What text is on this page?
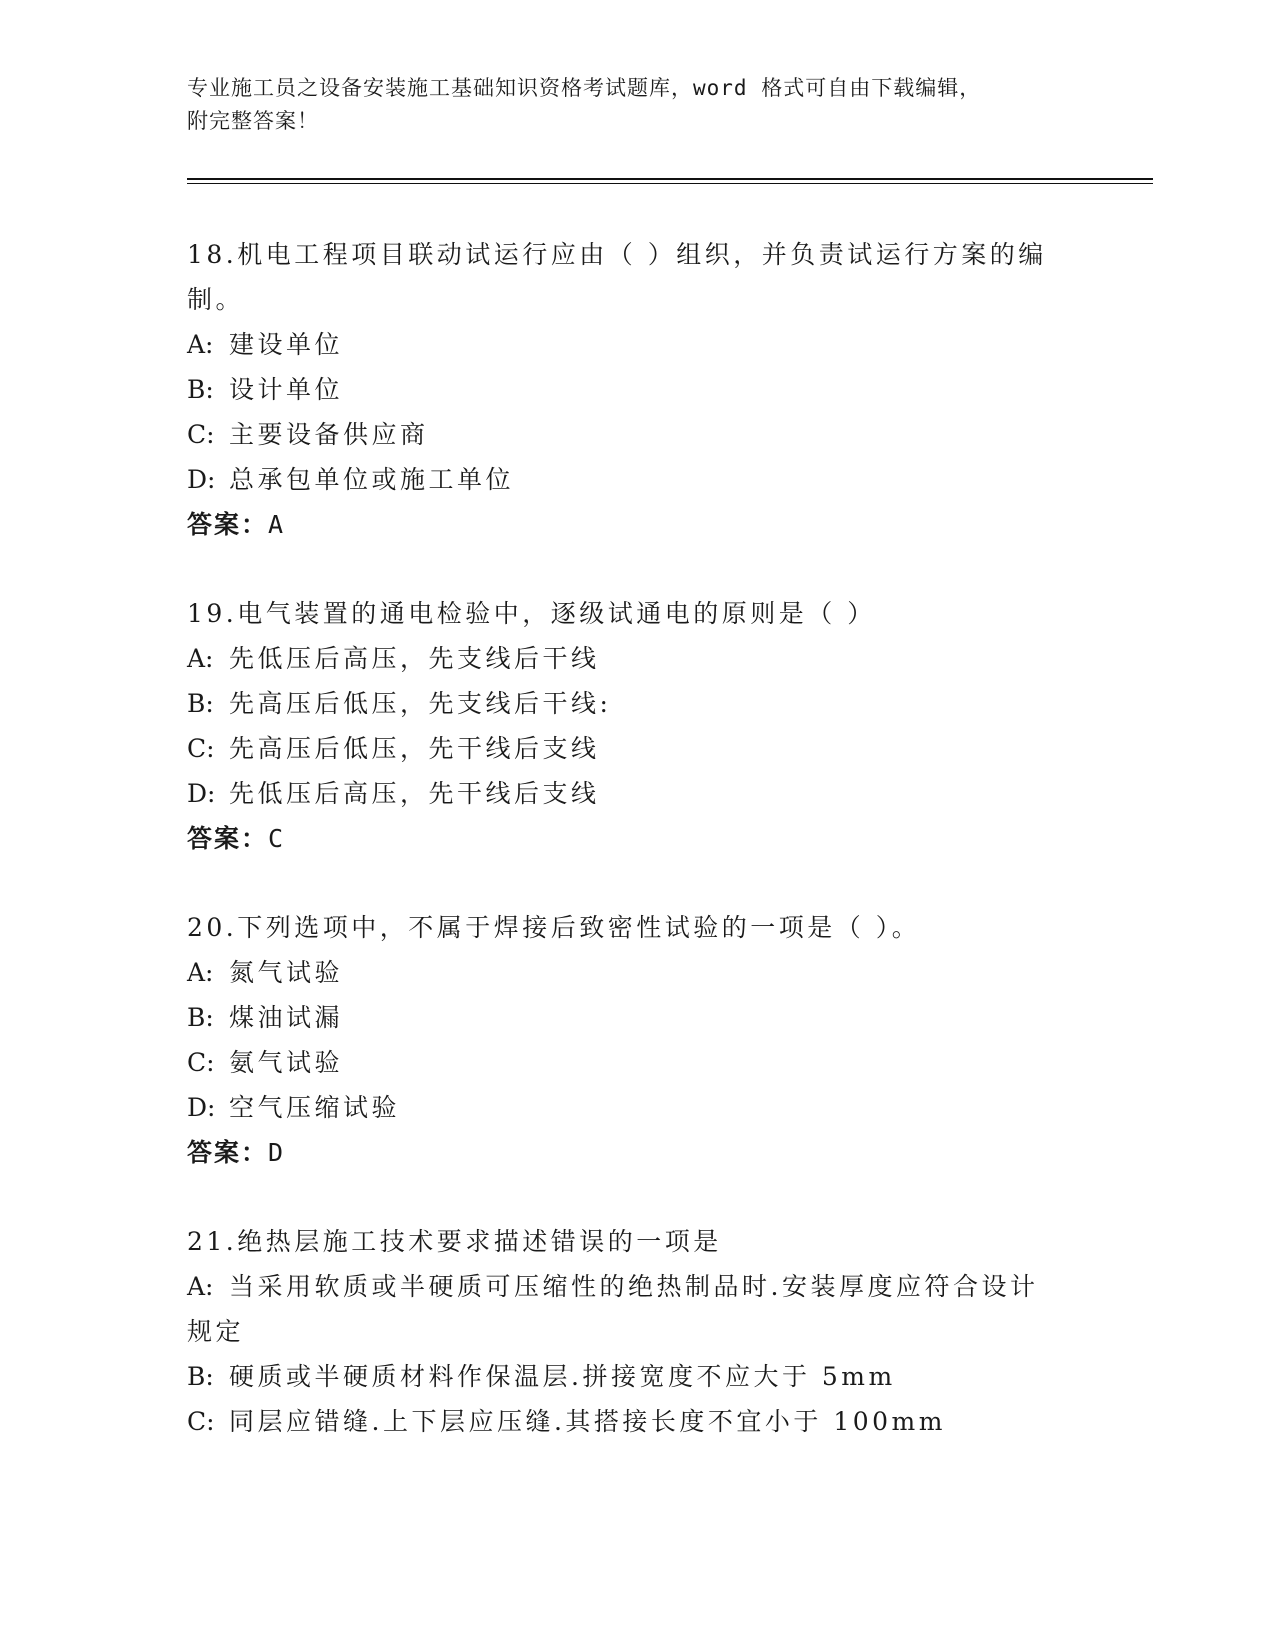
专业施工员之设备安装施工基础知识资格考试题库，word 格式可自由下载编辑，
附完整答案！
18.机电工程项目联动试运行应由（ ）组织，并负责试运行方案的编
制。
A: 建设单位
B: 设计单位
C: 主要设备供应商
D: 总承包单位或施工单位
答案：A
19.电气装置的通电检验中，逐级试通电的原则是（ ）
A: 先低压后高压，先支线后干线
B: 先高压后低压，先支线后干线:
C: 先高压后低压，先干线后支线
D: 先低压后高压，先干线后支线
答案：C
20.下列选项中，不属于焊接后致密性试验的一项是（ ）。
A: 氮气试验
B: 煤油试漏
C: 氨气试验
D: 空气压缩试验
答案：D
21.绝热层施工技术要求描述错误的一项是
A: 当采用软质或半硬质可压缩性的绝热制品时.安装厚度应符合设计
规定
B: 硬质或半硬质材料作保温层.拼接宽度不应大于 5mm
C: 同层应错缝.上下层应压缝.其搭接长度不宜小于 100mm
